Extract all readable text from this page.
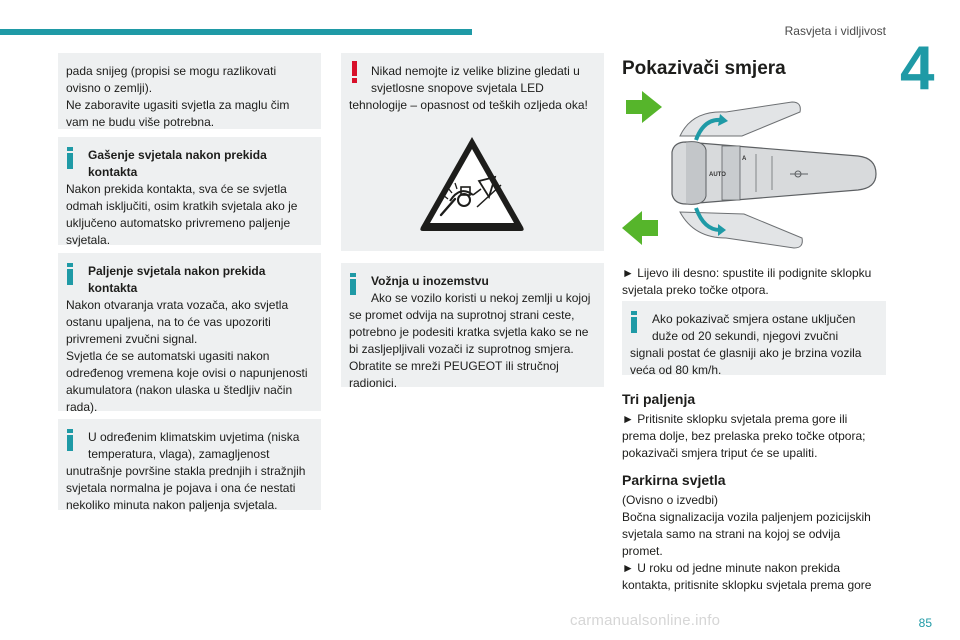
Rasvjeta i vidljivost
4
pada snijeg (propisi se mogu razlikovati
ovisno o zemlji).
Ne zaboravite ugasiti svjetla za maglu čim
vam ne budu više potrebna.
Gašenje svjetala nakon prekida
kontakta
Nakon prekida kontakta, sva će se svjetla
odmah isključiti, osim kratkih svjetala ako je
uključeno automatsko privremeno paljenje
svjetala.
Paljenje svjetala nakon prekida
kontakta
Nakon otvaranja vrata vozača, ako svjetla
ostanu upaljena, na to će vas upozoriti
privremeni zvučni signal.
Svjetla će se automatski ugasiti nakon
određenog vremena koje ovisi o napunjenosti
akumulatora (nakon ulaska u štedljiv način
rada).
U određenim klimatskim uvjetima (niska
temperatura, vlaga), zamagljenost
unutrašnje površine stakla prednjih i stražnjih
svjetala normalna je pojava i ona će nestati
nekoliko minuta nakon paljenja svjetala.
Nikad nemojte iz velike blizine gledati u
svjetlosne snopove svjetala LED
tehnologije – opasnost od teških ozljeda oka!
Vožnja u inozemstvu
Ako se vozilo koristi u nekoj zemlji u kojoj
se promet odvija na suprotnoj strani ceste,
potrebno je podesiti kratka svjetla kako se ne
bi zasljepljivali vozači iz suprotnog smjera.
Obratite se mreži PEUGEOT ili stručnoj
radionici.
Pokazivači smjera
AUTO
A
► Lijevo ili desno: spustite ili podignite sklopku
svjetala preko točke otpora.
Ako pokazivač smjera ostane uključen
duže od 20 sekundi, njegovi zvučni
signali postat će glasniji ako je brzina vozila
veća od 80 km/h.
Tri paljenja
► Pritisnite sklopku svjetala prema gore ili
prema dolje, bez prelaska preko točke otpora;
pokazivači smjera triput će se upaliti.
Parkirna svjetla
(Ovisno o izvedbi)
Bočna signalizacija vozila paljenjem pozicijskih
svjetala samo na strani na kojoj se odvija
promet.
► U roku od jedne minute nakon prekida
kontakta, pritisnite sklopku svjetala prema gore
carmanualsonline.info	85
